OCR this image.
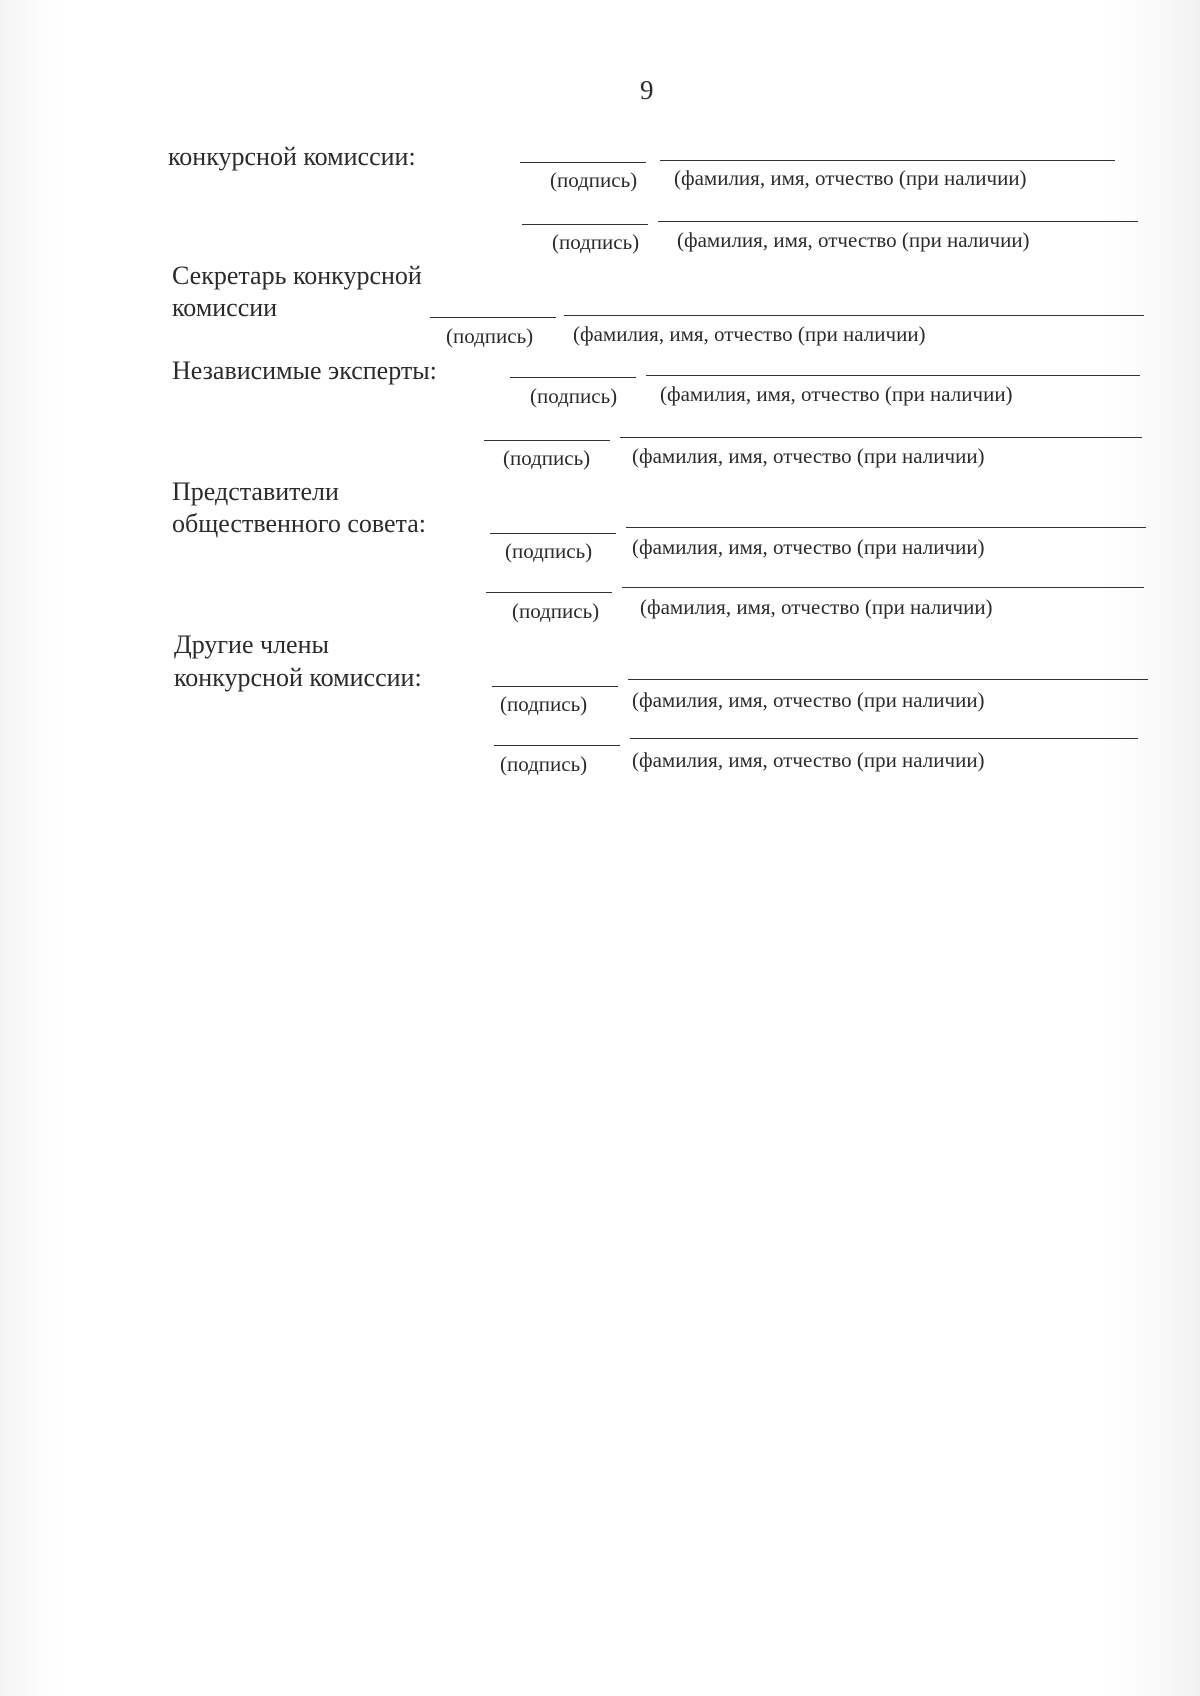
9
конкурсной комиссии:
Секретарь конкурсной
комиссии
Независимые эксперты:
Представители
общественного совета:
Другие члены
конкурсной комиссии:
(подпись) (фамилия, имя, отчество (при наличии)
(подпись) (фамилия, имя, отчество (при наличии)
(подпись) (фамилия, имя, отчество (при наличии)
(подпись) (фамилия, имя, отчество (при наличии)
(подпись) (фамилия, имя, отчество (при наличии)
(подпись) (фамилия, имя, отчество (при наличии)
(подпись) (фамилия, имя, отчество (при наличии)
(подпись) (фамилия, имя, отчество (при наличии)
(подпись) (фамилия, имя, отчество (при наличии)
